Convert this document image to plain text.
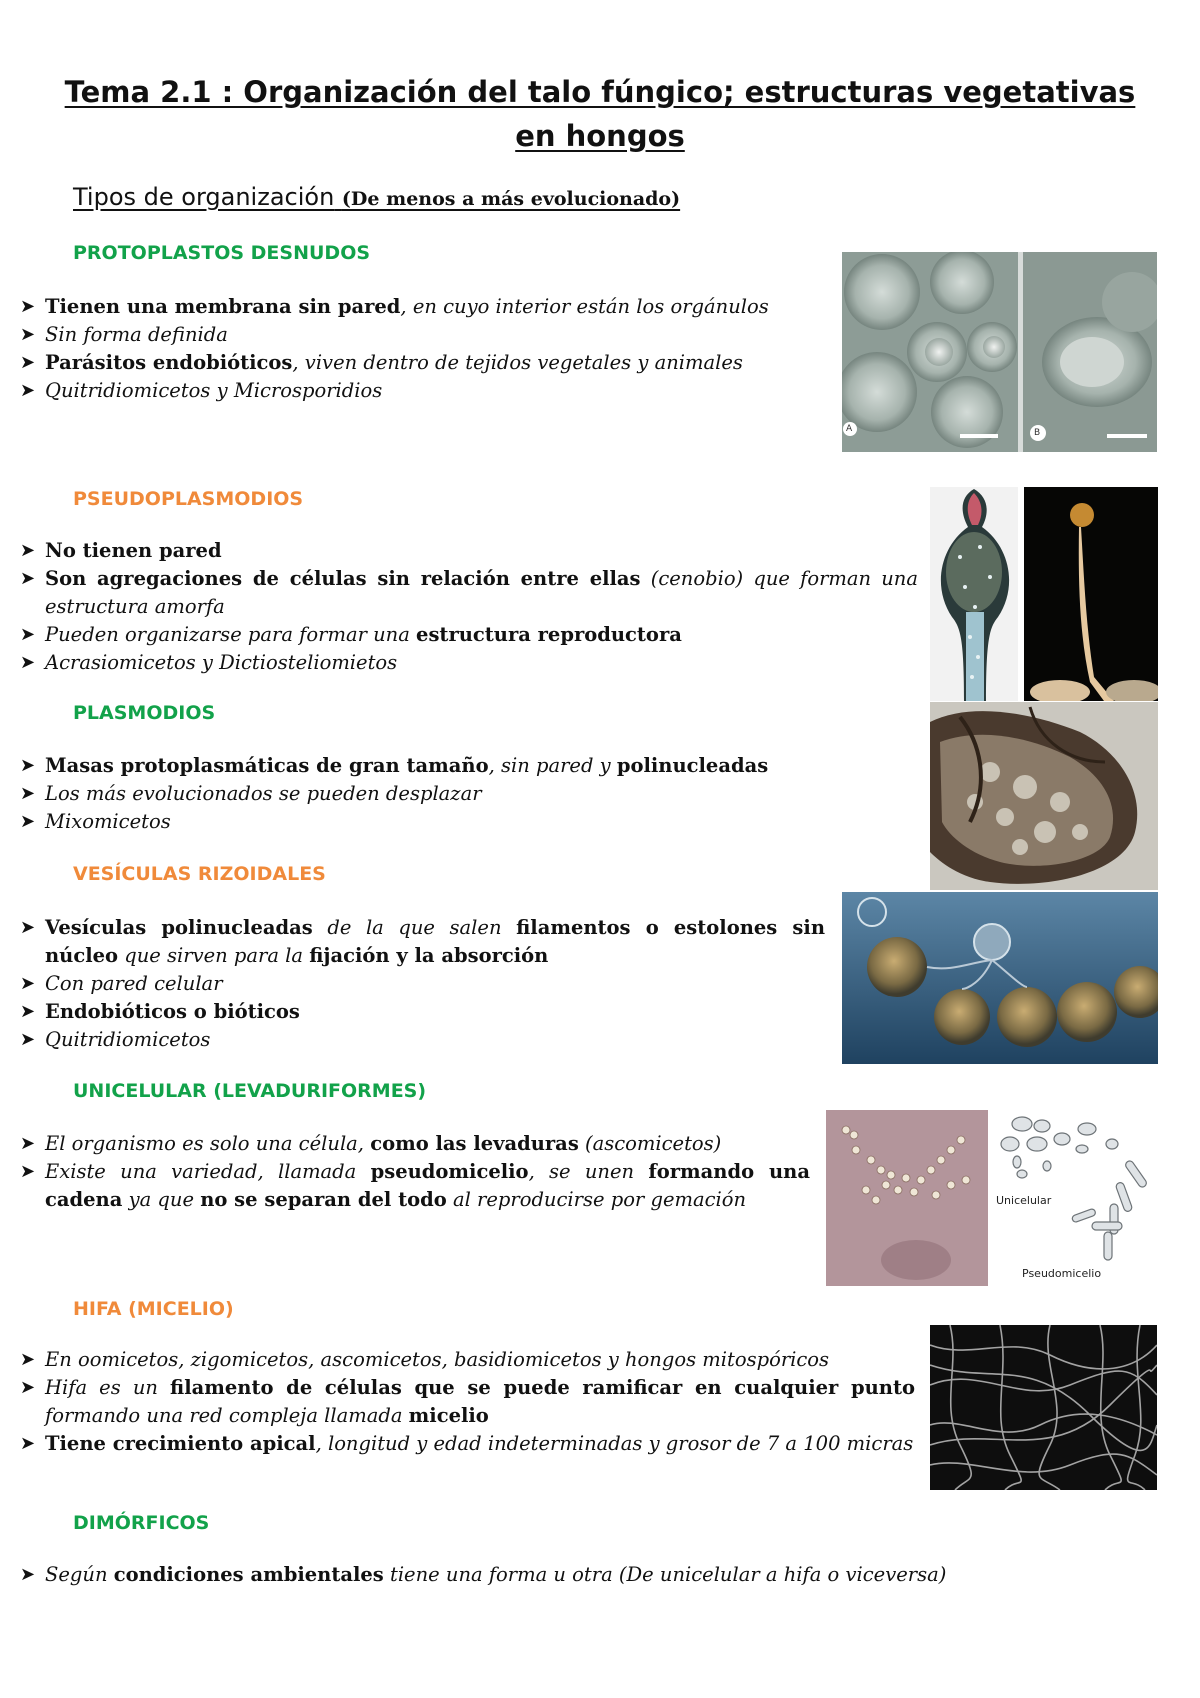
Tema 2.1 : Organización del talo fúngico; estructuras vegetativas en hongos

Tipos de organización (De menos a más evolucionado)

PROTOPLASTOS DESNUDOS

➤ Tienen una membrana sin pared, en cuyo interior están los orgánulos
➤ Sin forma definida
➤ Parásitos endobióticos, viven dentro de tejidos vegetales y animales
➤ Quitridiomicetos y Microsporidios

PSEUDOPLASMODIOS

➤ No tienen pared
➤ Son agregaciones de células sin relación entre ellas (cenobio) que forman una estructura amorfa
➤ Pueden organizarse para formar una estructura reproductora
➤ Acrasiomicetos y Dictiosteliomietos

PLASMODIOS

➤ Masas protoplasmáticas de gran tamaño, sin pared y polinucleadas
➤ Los más evolucionados se pueden desplazar
➤ Mixomicetos

VESÍCULAS RIZOIDALES

➤ Vesículas polinucleadas de la que salen filamentos o estolones sin núcleo que sirven para la fijación y la absorción
➤ Con pared celular
➤ Endobióticos o bióticos
➤ Quitridiomicetos

UNICELULAR (LEVADURIFORMES)

➤ El organismo es solo una célula, como las levaduras (ascomicetos)
➤ Existe una variedad, llamada pseudomicelio, se unen formando una cadena ya que no se separan del todo al reproducirse por gemación

HIFA (MICELIO)

➤ En oomicetos, zigomicetos, ascomicetos, basidiomicetos y hongos mitospóricos
➤ Hifa es un filamento de células que se puede ramificar en cualquier punto formando una red compleja llamada micelio
➤ Tiene crecimiento apical, longitud y edad indeterminadas y grosor de 7 a 100 micras

DIMÓRFICOS

➤ Según condiciones ambientales tiene una forma u otra (De unicelular a hifa o viceversa)
A	B
Unicelular
Pseudomicelio
